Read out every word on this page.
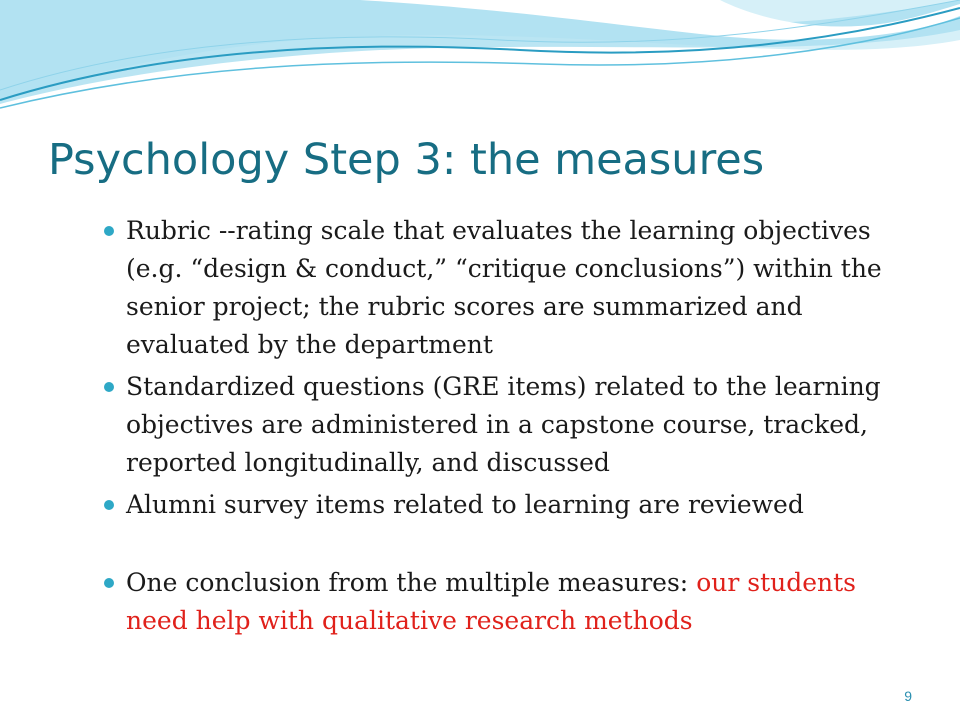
Psychology Step 3: the measures
Rubric --rating scale that evaluates the learning objectives (e.g. “design & conduct,” “critique conclusions”) within the senior project; the rubric scores are summarized and evaluated by the department
Standardized questions (GRE items) related to the learning objectives are administered in a capstone course, tracked, reported longitudinally, and discussed
Alumni survey items related to learning are reviewed
One conclusion from the multiple measures: our students need help with qualitative research methods
9
